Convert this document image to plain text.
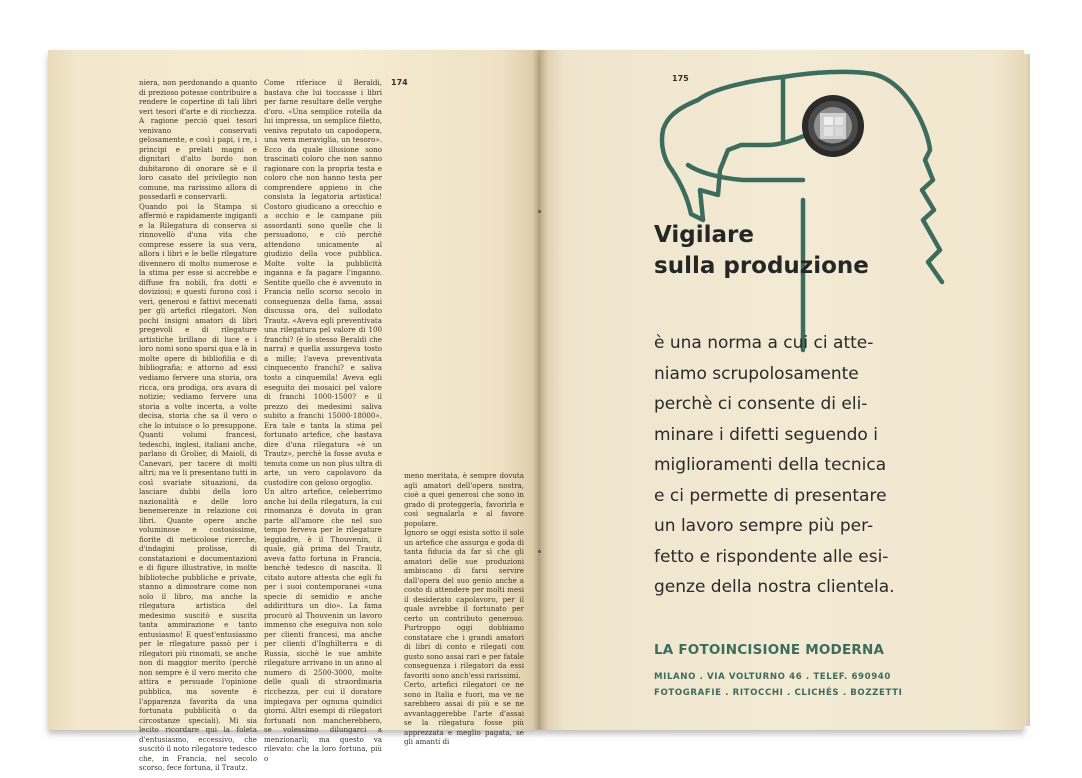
niera, non perdonando a quanto di prezioso potesse contribuire a rendere le copertine di tali libri veri tesori d'arte e di ricchezza. A ragione perciò quei tesori venivano conservati gelosamente, e così i papi, i re, i principi e prelati magni e dignitari d'alto bordo non dubitarono di onorare sè e il loro casato del privilegio non comune, ma rarissimo allora di possedarli e conservarli.

Quando poi la Stampa si affermò e rapidamente ingiganti e la Rilegatura di conserva si rinnovellò d'una vita che comprese essere la sua vera, allora i libri e le belle rilegature divennero di molto numerose e la stima per esse si accrebbe e diffuse fra nobili, fra dotti e doviziosi; e questi furono così i veri, generosi e fattivi mecenati per gli artefici rilegatori. Non pochi insigni amatori di libri pregevoli e di rilegature artistiche brillano di luce e i loro nomi sono sparsi qua e là in molte opere di bibliofilia e di bibliografia; e attorno ad essi vediamo fervere una storia, ora ricca, ora prodiga, ora avara di notizie; vediamo fervere una storia a volte incerta, a volte decisa, storia che sa il vero o che lo intuisce o lo presuppone. Quanti volumi francesi, tedeschi, inglesi, italiani anche, parlano di Grolier, di Maioli, di Canevari, per tacere di molti altri; ma ve li presentano tutti in così svariate situazioni, da lasciare dubbi della loro nazionalità e delle loro benemerenze in relazione coi libri. Quante opere anche voluminose e costosissime, fiorite di meticolose ricerche, d'indagini prolisse, di constatazioni e documentazioni e di figure illustrative, in molte biblioteche pubbliche e private, stanno a dimostrare come non solo il libro, ma anche la rilegatura artistica del medesimo suscitò e suscita tanta ammirazione e tanto entusiasmo! E quest'entusiasmo per le rilegature passò per i rilegatori più rinomati, se anche non di maggior merito (perchè non sempre è il vero merito che attira e persuade l'opinione pubblica, ma sovente è l'apparenza favorita da una fortunata pubblicità o da circostanze speciali). Mi sia lecito ricordare qui la foleta d'entusiasmo, eccessivo, che suscitò il noto rilegatore tedesco che, in Francia, nel secolo scorso, fece fortuna, il Trautz.

Come riferisce il Beraldi, bastava che lui toccasse i libri per farne resultare delle verghe d'oro. «Una semplice rotella da lui impressa, un semplice filetto, veniva reputato un capodopera, una vera meraviglia, un tesoro». Ecco da quale illusione sono trascinati coloro che non sanno ragionare con la propria testa e coloro che non hanno testa per comprendere appieno in che consista la legatoria artistica! Costoro giudicano a orecchio e a occhio e le campane più assordanti sono quelle che li persuadono, e ciò perchè attendono unicamente al giudizio della voce pubblica. Molte volte la pubblicità inganna e fa pagare l'inganno. Sentite quello che è avvenuto in Francia nello scorso secolo in conseguenza della fama, assai discussa ora, del sullodato Trautz. «Aveva egli preventivata una rilegatura pel valore di 100 franchi? (è lo stesso Beraldi che narra) e quella assurgeva tosto a mille; l'aveva preventivata cinquecento franchi? e saliva tosto a cinquemila! Aveva egli eseguito dei mosaici pel valore di franchi 1000-1500? e il prezzo dei medesimi saliva subito a franchi 15000-18000». Era tale e tanta la stima pel fortunato artefice, che bastava dire d'una rilegatura «è un Trautz», perchè la fosse avuta e tenuta come un non plus ultra di arte, un vero capolavoro da custodire con geloso orgoglio.

Un altro artefice, celeberrimo anche lui della rilegatura, la cui rinomanza è dovuta in gran parte all'amore che nel suo tempo ferveva per le rilegature leggiadre, è il Thouvenin, il quale, già prima del Trautz, aveva fatto fortuna in Francia, benchè tedesco di nascita. Il citato autore attesta che egli fu per i suoi contemporanei «una specie di semidio e anche addirittura un dio». La fama procurò al Thouvenin un lavoro immenso che eseguiva non solo per clienti francesi, ma anche per clienti d'Inghilterra e di Russia, sicchè le sue ambite rilegature arrivano in un anno al numero di 2500-3000, molte delle quali di straordinaria ricchezza, per cui il doratore impiegava per ognuna quindici giorni. Altri esempi di rilegatori fortunati non mancherebbero, se volessimo dilungarci a menzionarli; ma questo va rilevato: che la loro fortuna, più o

meno meritata, è sempre dovuta agli amatori dell'opera nostra, cioè a quei generosi che sono in grado di proteggerla, favorirla e così segnalarla e al favore popolare.

Ignoro se oggi esista sotto il sole un artefice che assurga e goda di tanta fiducia da far sì che gli amatori delle sue produzioni ambiscano di farsi servire dall'opera del suo genio anche a costo di attendere per molti mesi il desiderato capolavoro, per il quale avrebbe il fortunato per certo un contributo generoso. Purtroppo oggi dobbiamo constatare che i grandi amatori di libri di conto e rilegati con gusto sono assai rari e per fatale conseguenza i rilegatori da essi favoriti sono anch'essi rarissimi.

Certo, artefici rilegatori ce ne sono in Italia e fuori, ma ve ne sarebbero assai di più e se ne avvantaggerebbe l'arte d'assai se la rilegatura fosse più apprezzata e meglio pagata, se gli amanti di

174	175
Vigilare
sulla produzione
è una norma a cui ci atte-
niamo scrupolosamente
perchè ci consente di eli-
minare i difetti seguendo i
miglioramenti della tecnica
e ci permette di presentare
un lavoro sempre più per-
fetto e rispondente alle esi-
genze della nostra clientela.
LA FOTOINCISIONE MODERNA
MILANO . VIA VOLTURNO 46 . TELEF. 690940
FOTOGRAFIE . RITOCCHI . CLICHÉS . BOZZETTI
